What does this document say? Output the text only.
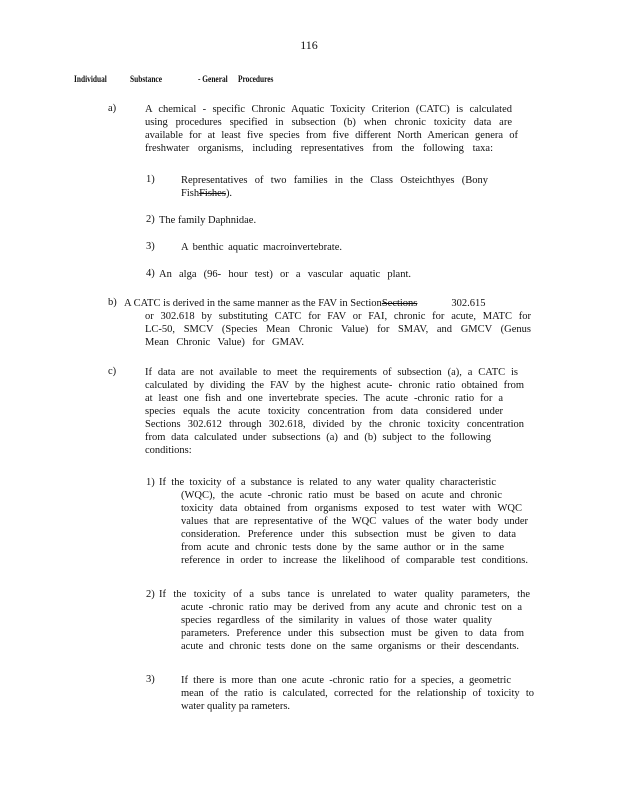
116
Individual	Substance	- General Procedures
a)	A chemical - specific Chronic Aquatic Toxicity Criterion (CATC) is calculated
using procedures specified in subsection (b) when chronic toxicity data are
available for at least five species from five different North American genera of
freshwater organisms, including representatives from the following taxa:
1)	Representatives of two families in the Class Osteichthyes (Bony
FishFishes).
2) The family Daphnidae.
3)	A benthic aquatic macroinvertebrate.
4) An alga (96- hour test) or a vascular aquatic plant.
b) A CATC is derived in the same manner as the FAV in SectionSections	302.615
or 302.618 by substituting CATC for FAV or FAI, chronic for acute, MATC for
LC-50, SMCV (Species Mean Chronic Value) for SMAV, and GMCV (Genus
Mean Chronic Value) for GMAV.
c)	If data are not available to meet the requirements of subsection (a), a CATC is
calculated by dividing the FAV by the highest acute- chronic ratio obtained from
at least one fish and one invertebrate species. The acute -chronic ratio for a
species equals the acute toxicity concentration from data considered under
Sections 302.612 through 302.618, divided by the chronic toxicity concentration
from data calculated under subsections (a) and (b) subject to the following
conditions:
1) If the toxicity of a substance is related to any water quality characteristic
(WQC), the acute -chronic ratio must be based on acute and chronic
toxicity data obtained from organisms exposed to test water with WQC
values that are representative of the WQC values of the water body under
consideration. Preference under this subsection must be given to data
from acute and chronic tests done by the same author or in the same
reference in order to increase the likelihood of comparable test conditions.
2) If the toxicity of a subs tance is unrelated to water quality parameters, the
acute -chronic ratio may be derived from any acute and chronic test on a
species regardless of the similarity in values of those water quality
parameters. Preference under this subsection must be given to data from
acute and chronic tests done on the same organisms or their descendants.
3)	If there is more than one acute -chronic ratio for a species, a geometric
mean of the ratio is calculated, corrected for the relationship of toxicity to
water quality pa rameters.
